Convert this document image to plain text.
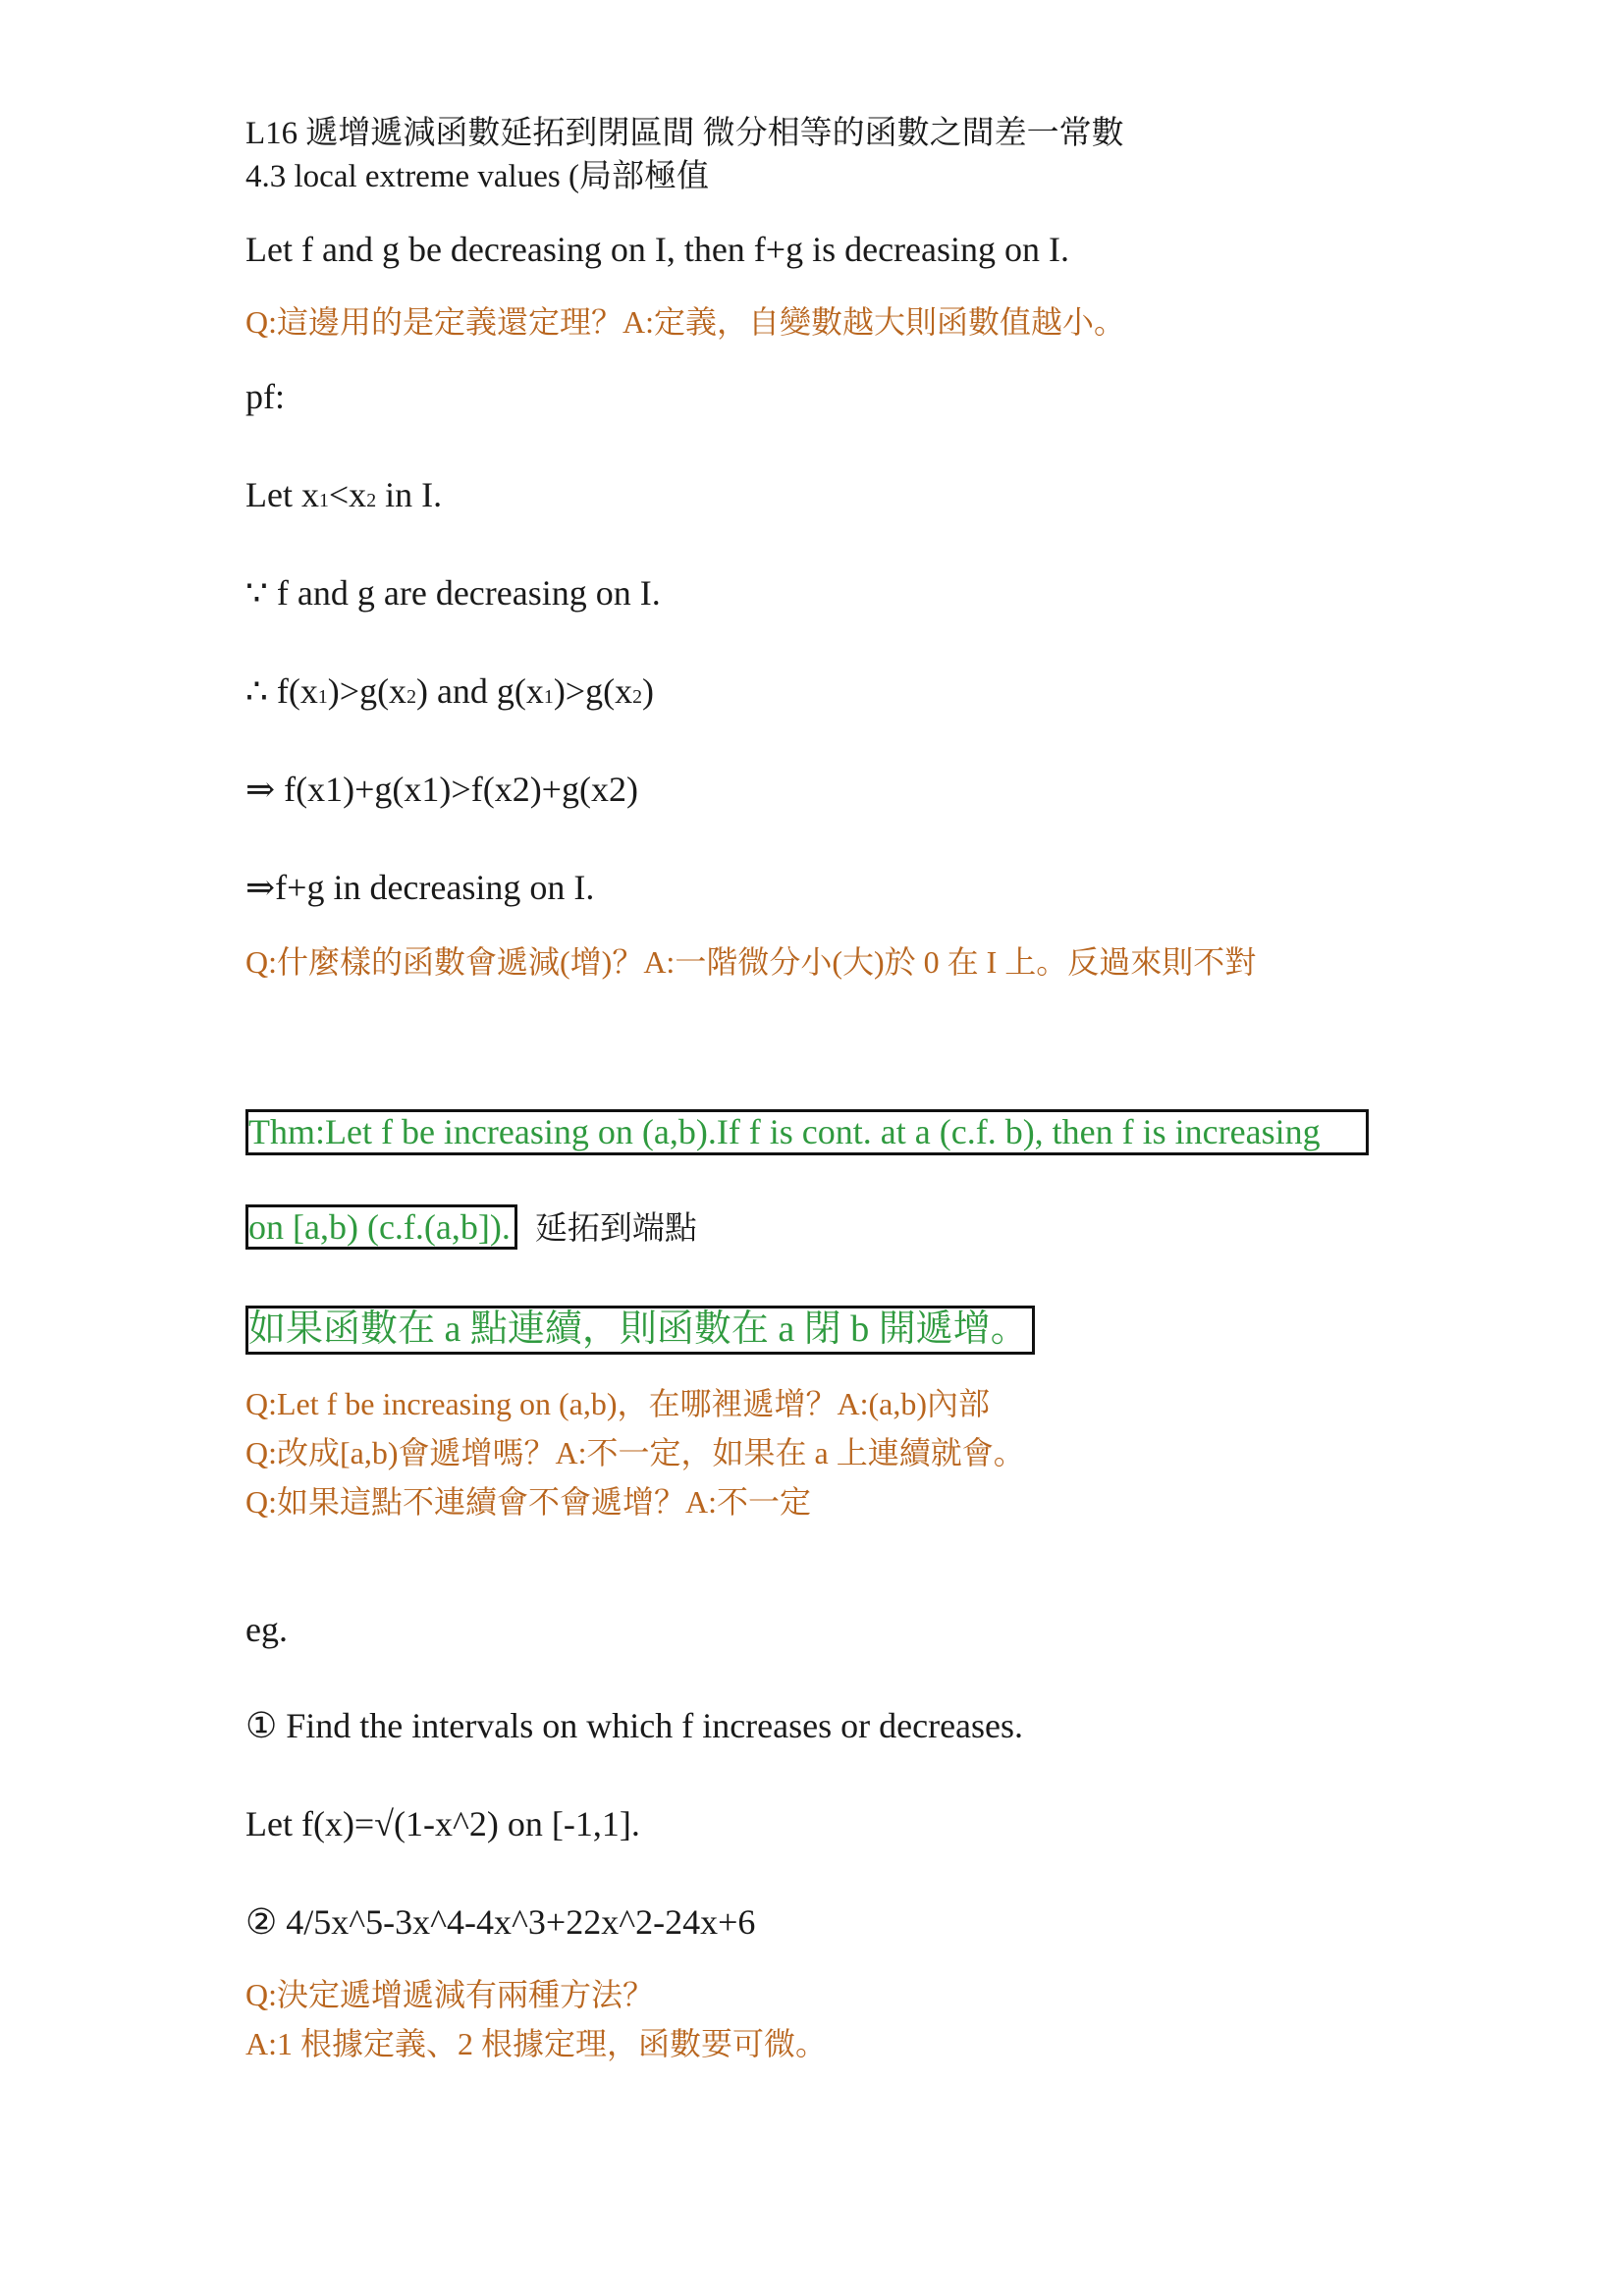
L16 遞增遞減函數延拓到閉區間 微分相等的函數之間差一常數
4.3 local extreme values (局部極值
Let f and g be decreasing on I, then f+g is decreasing on I.
Q:這邊用的是定義還定理？A:定義，自變數越大則函數值越小。
pf:
Let x1<x2 in I.
∵ f and g are decreasing on I.
∴ f(x1)>g(x2) and g(x1)>g(x2)
⇒ f(x1)+g(x1)>f(x2)+g(x2)
⇒f+g in decreasing on I.
Q:什麼樣的函數會遞減(增)？A:一階微分小(大)於 0 在 I 上。反過來則不對
Thm:Let f be increasing on (a,b).If f is cont. at a (c.f. b), then f is increasing
on [a,b) (c.f.(a,b]). 延拓到端點
如果函數在 a 點連續，則函數在 a 閉 b 開遞增。
Q:Let f be increasing on (a,b)，在哪裡遞增？A:(a,b)內部
Q:改成[a,b)會遞增嗎？A:不一定，如果在 a 上連續就會。
Q:如果這點不連續會不會遞增？A:不一定
eg.
① Find the intervals on which f increases or decreases.
Let f(x)=√(1-x^2) on [-1,1].
② 4/5x^5-3x^4-4x^3+22x^2-24x+6
Q:決定遞增遞減有兩種方法？
A:1 根據定義、2 根據定理，函數要可微。
